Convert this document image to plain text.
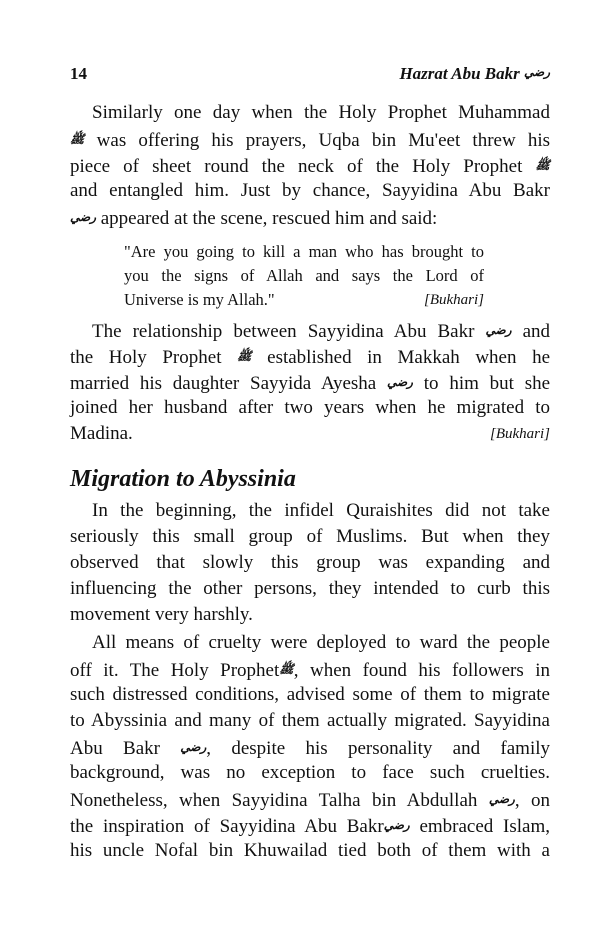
14	Hazrat Abu Bakr رضي
Similarly one day when the Holy Prophet Muhammad
ﷺ was offering his prayers, Uqba bin Mu'eet threw his
piece of sheet round the neck of the Holy Prophet ﷺ
and entangled him. Just by chance, Sayyidina Abu Bakr
رضي appeared at the scene, rescued him and said:
"Are you going to kill a man who has brought to
you the signs of Allah and says the Lord of
Universe is my Allah."	[Bukhari]
The relationship between Sayyidina Abu Bakr رضي and
the Holy Prophet ﷺ established in Makkah when he
married his daughter Sayyida Ayesha رضي to him but she
joined her husband after two years when he migrated to
Madina.	[Bukhari]
Migration to Abyssinia
In the beginning, the infidel Quraishites did not take
seriously this small group of Muslims. But when they
observed that slowly this group was expanding and
influencing the other persons, they intended to curb this
movement very harshly.
All means of cruelty were deployed to ward the people
off it. The Holy Prophetﷺ, when found his followers in
such distressed conditions, advised some of them to migrate
to Abyssinia and many of them actually migrated. Sayyidina
Abu Bakr رضي, despite his personality and family
background, was no exception to face such cruelties.
Nonetheless, when Sayyidina Talha bin Abdullah رضي, on
the inspiration of Sayyidina Abu Bakrرضي embraced Islam,
his uncle Nofal bin Khuwailad tied both of them with a
